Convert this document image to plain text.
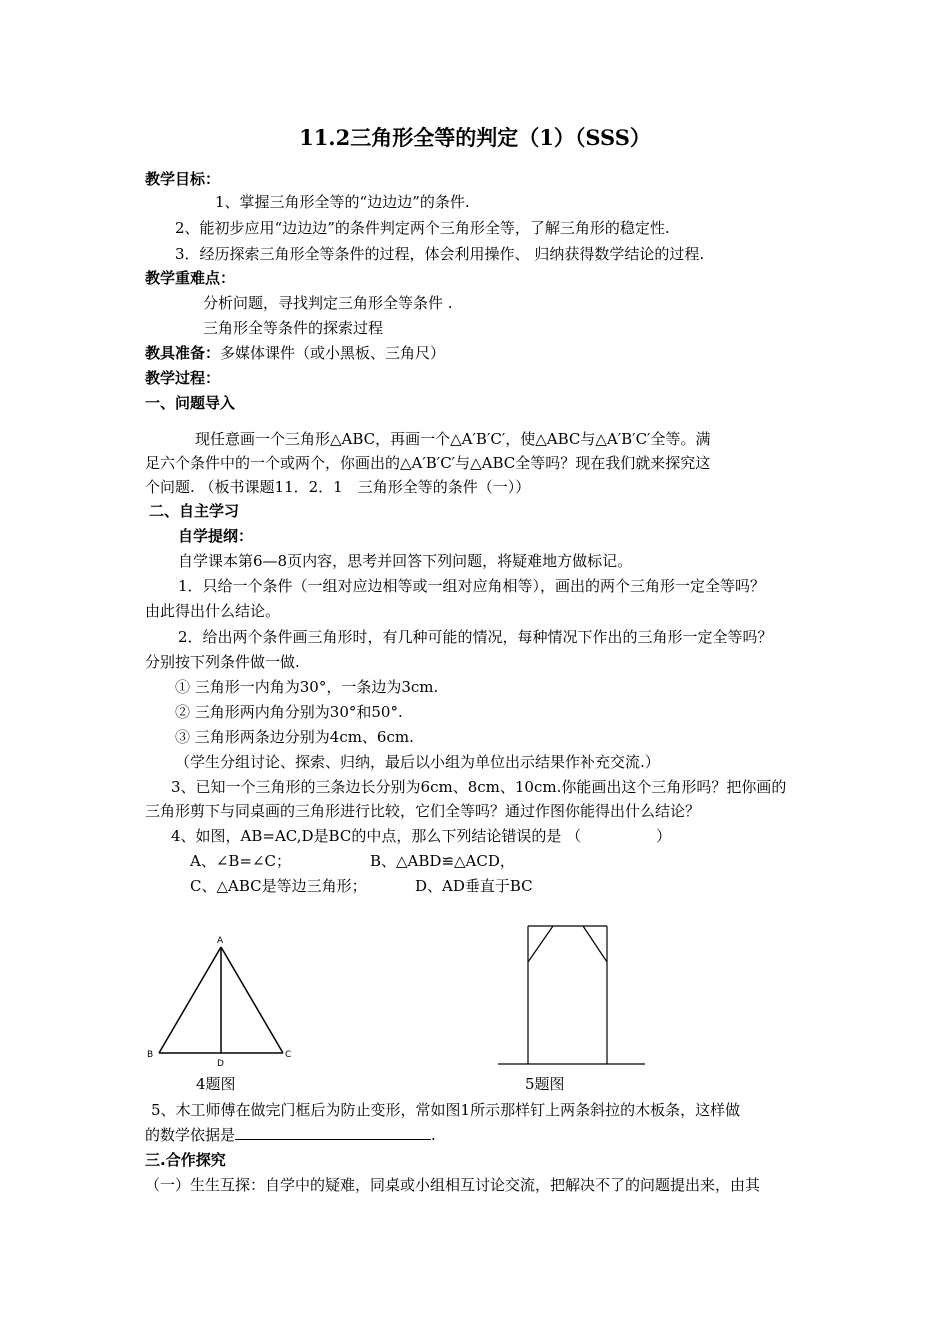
11.2三角形全等的判定（1）（SSS）
教学目标：
1、掌握三角形全等的“边边边”的条件.
2、能初步应用“边边边”的条件判定两个三角形全等，了解三角形的稳定性.
3．经历探索三角形全等条件的过程，体会利用操作、 归纳获得数学结论的过程.
教学重难点：
分析问题，寻找判定三角形全等条件 .
三角形全等条件的探索过程
教具准备：多媒体课件（或小黑板、三角尺）
教学过程：
一、问题导入
现任意画一个三角形△ABC，再画一个△A′B′C′，使△ABC与△A′B′C′全等。满
足六个条件中的一个或两个，你画出的△A′B′C′与△ABC全等吗？现在我们就来探究这
个问题. （板书课题11．2．1　三角形全等的条件（一））
二、自主学习
自学提纲：
自学课本第6—8页内容，思考并回答下列问题，将疑难地方做标记。
1．只给一个条件（一组对应边相等或一组对应角相等），画出的两个三角形一定全等吗？
由此得出什么结论。
2．给出两个条件画三角形时，有几种可能的情况，每种情况下作出的三角形一定全等吗？
分别按下列条件做一做.
① 三角形一内角为30°，一条边为3cm.
② 三角形两内角分别为30°和50°.
③ 三角形两条边分别为4cm、6cm.
（学生分组讨论、探索、归纳，最后以小组为单位出示结果作补充交流.）
3、已知一个三角形的三条边长分别为6cm、8cm、10cm.你能画出这个三角形吗？把你画的
三角形剪下与同桌画的三角形进行比较，它们全等吗？通过作图你能得出什么结论？
4、如图，AB=AC,D是BC的中点，那么下列结论错误的是 （　　　　　）
A、∠B=∠C；	B、△ABD≌△ACD，
C、△ABC是等边三角形；	D、AD垂直于BC
A
B	C
D
4题图	5题图
5、木工师傅在做完门框后为防止变形，常如图1所示那样钉上两条斜拉的木板条，这样做
的数学依据是	.
三.合作探究
（一）生生互探：自学中的疑难，同桌或小组相互讨论交流，把解决不了的问题提出来，由其
